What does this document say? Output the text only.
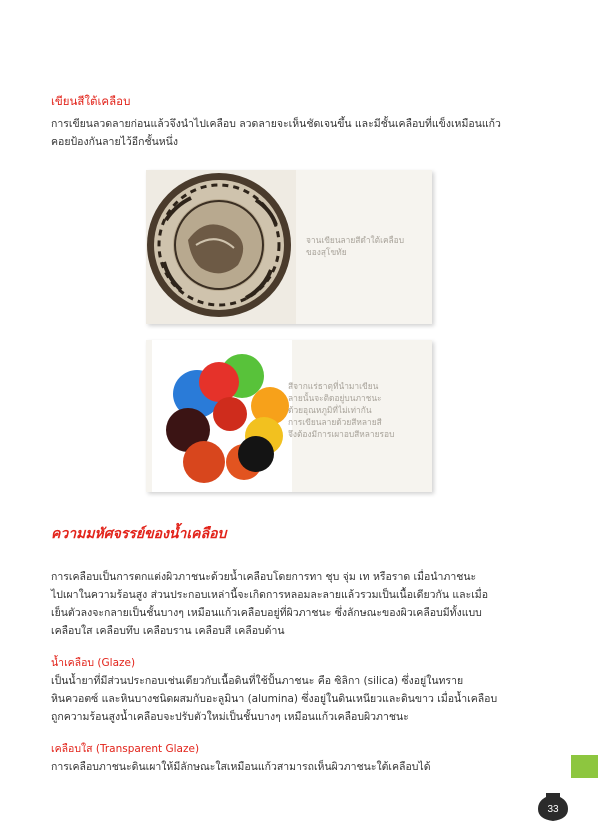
เขียนสีใต้เคลือบ
การเขียนลวดลายก่อนแล้วจึงนำไปเคลือบ ลวดลายจะเห็นชัดเจนขึ้น และมีชั้นเคลือบที่แข็งเหมือนแก้ว
คอยป้องกันลายไว้อีกชั้นหนึ่ง
จานเขียนลายสีดำใต้เคลือบ
ของสุโขทัย
สีจากแร่ธาตุที่นำมาเขียน
ลายนั้นจะติดอยู่บนภาชนะ
ด้วยอุณหภูมิที่ไม่เท่ากัน
การเขียนลายด้วยสีหลายสี
จึงต้องมีการเผาอบสีหลายรอบ
ความมหัศจรรย์ของน้ำเคลือบ
การเคลือบเป็นการตกแต่งผิวภาชนะด้วยน้ำเคลือบโดยการทา ชุบ จุ่ม เท หรือราด เมื่อนำภาชนะ
ไปเผาในความร้อนสูง ส่วนประกอบเหล่านี้จะเกิดการหลอมละลายแล้วรวมเป็นเนื้อเดียวกัน และเมื่อ
เย็นตัวลงจะกลายเป็นชั้นบางๆ เหมือนแก้วเคลือบอยู่ที่ผิวภาชนะ ซึ่งลักษณะของผิวเคลือบมีทั้งแบบ
เคลือบใส เคลือบทึบ เคลือบราน เคลือบสี เคลือบด้าน
น้ำเคลือบ (Glaze)
เป็นน้ำยาที่มีส่วนประกอบเช่นเดียวกับเนื้อดินที่ใช้ปั้นภาชนะ คือ ซิลิกา (silica) ซึ่งอยู่ในทราย
หินควอตซ์ และหินบางชนิดผสมกับอะลูมินา (alumina) ซึ่งอยู่ในดินเหนียวและดินขาว เมื่อน้ำเคลือบ
ถูกความร้อนสูงน้ำเคลือบจะปรับตัวใหม่เป็นชั้นบางๆ เหมือนแก้วเคลือบผิวภาชนะ
เคลือบใส (Transparent Glaze)
การเคลือบภาชนะดินเผาให้มีลักษณะใสเหมือนแก้วสามารถเห็นผิวภาชนะใต้เคลือบได้
33
